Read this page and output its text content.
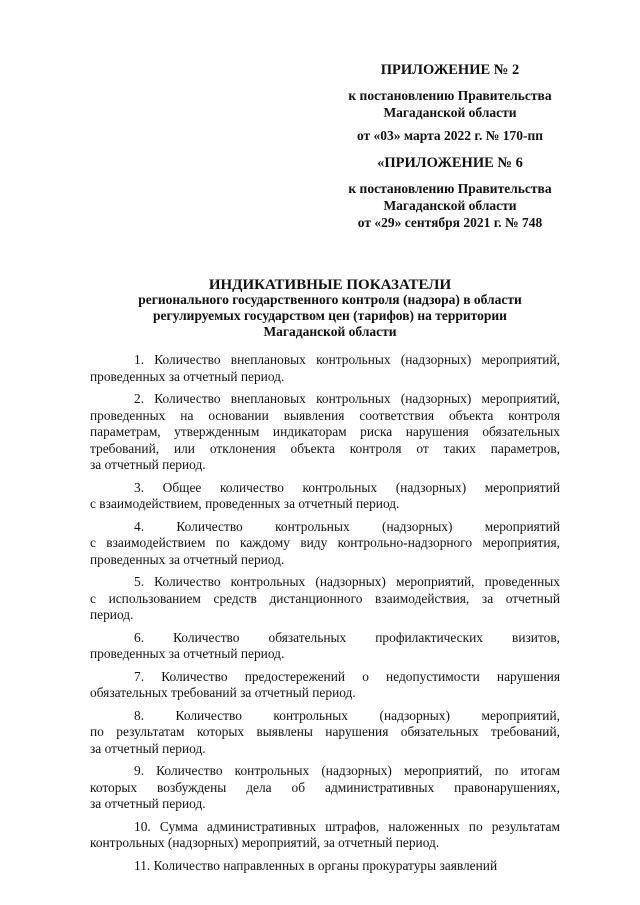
ПРИЛОЖЕНИЕ № 2
к постановлению Правительства
Магаданской области
от «03» марта 2022 г. № 170-пп
«ПРИЛОЖЕНИЕ № 6
к постановлению Правительства
Магаданской области
от «29» сентября 2021 г. № 748
ИНДИКАТИВНЫЕ ПОКАЗАТЕЛИ
регионального государственного контроля (надзора) в области
регулируемых государством цен (тарифов) на территории
Магаданской области
1. Количество внеплановых контрольных (надзорных) мероприятий,
проведенных за отчетный период.
2. Количество внеплановых контрольных (надзорных) мероприятий,
проведенных на основании выявления соответствия объекта контроля
параметрам, утвержденным индикаторам риска нарушения обязательных
требований, или отклонения объекта контроля от таких параметров,
за отчетный период.
3. Общее количество контрольных (надзорных) мероприятий
с взаимодействием, проведенных за отчетный период.
4. Количество контрольных (надзорных) мероприятий
с взаимодействием по каждому виду контрольно-надзорного мероприятия,
проведенных за отчетный период.
5. Количество контрольных (надзорных) мероприятий, проведенных
с использованием средств дистанционного взаимодействия, за отчетный
период.
6. Количество обязательных профилактических визитов,
проведенных за отчетный период.
7. Количество предостережений о недопустимости нарушения
обязательных требований за отчетный период.
8. Количество контрольных (надзорных) мероприятий,
по результатам которых выявлены нарушения обязательных требований,
за отчетный период.
9. Количество контрольных (надзорных) мероприятий, по итогам
которых возбуждены дела об административных правонарушениях,
за отчетный период.
10. Сумма административных штрафов, наложенных по результатам
контрольных (надзорных) мероприятий, за отчетный период.
11. Количество направленных в органы прокуратуры заявлений
